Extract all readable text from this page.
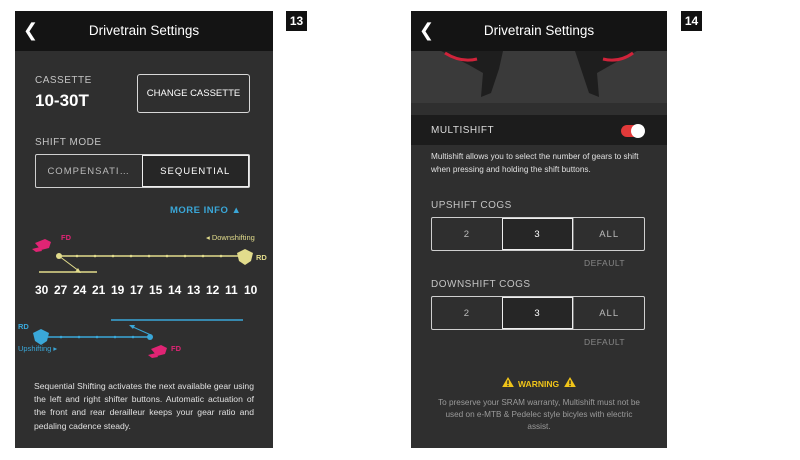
❮	Drivetrain Settings
CASSETTE
10-30T	CHANGE CASSETTE
SHIFT MODE
COMPENSATI…	SEQUENTIAL
MORE INFO ▲
FD	◂ Downshifting
RD
30 27 24 21 19 17 15 14 13 12 11 10
RD
Upshifting ▸	FD
Sequential Shifting activates the next available gear using the left and right shifter buttons. Automatic actuation of the front and rear derailleur keeps your gear ratio and pedaling cadence steady.
13	❮	Drivetrain Settings
MULTISHIFT
Multishift allows you to select the number of gears to shift when pressing and holding the shift buttons.
UPSHIFT COGS
2	3	ALL
DEFAULT
DOWNSHIFT COGS
2	3	ALL
DEFAULT
WARNING
To preserve your SRAM warranty, Multishift must not be used on e-MTB & Pedelec style bicyles with electric assist.
14
